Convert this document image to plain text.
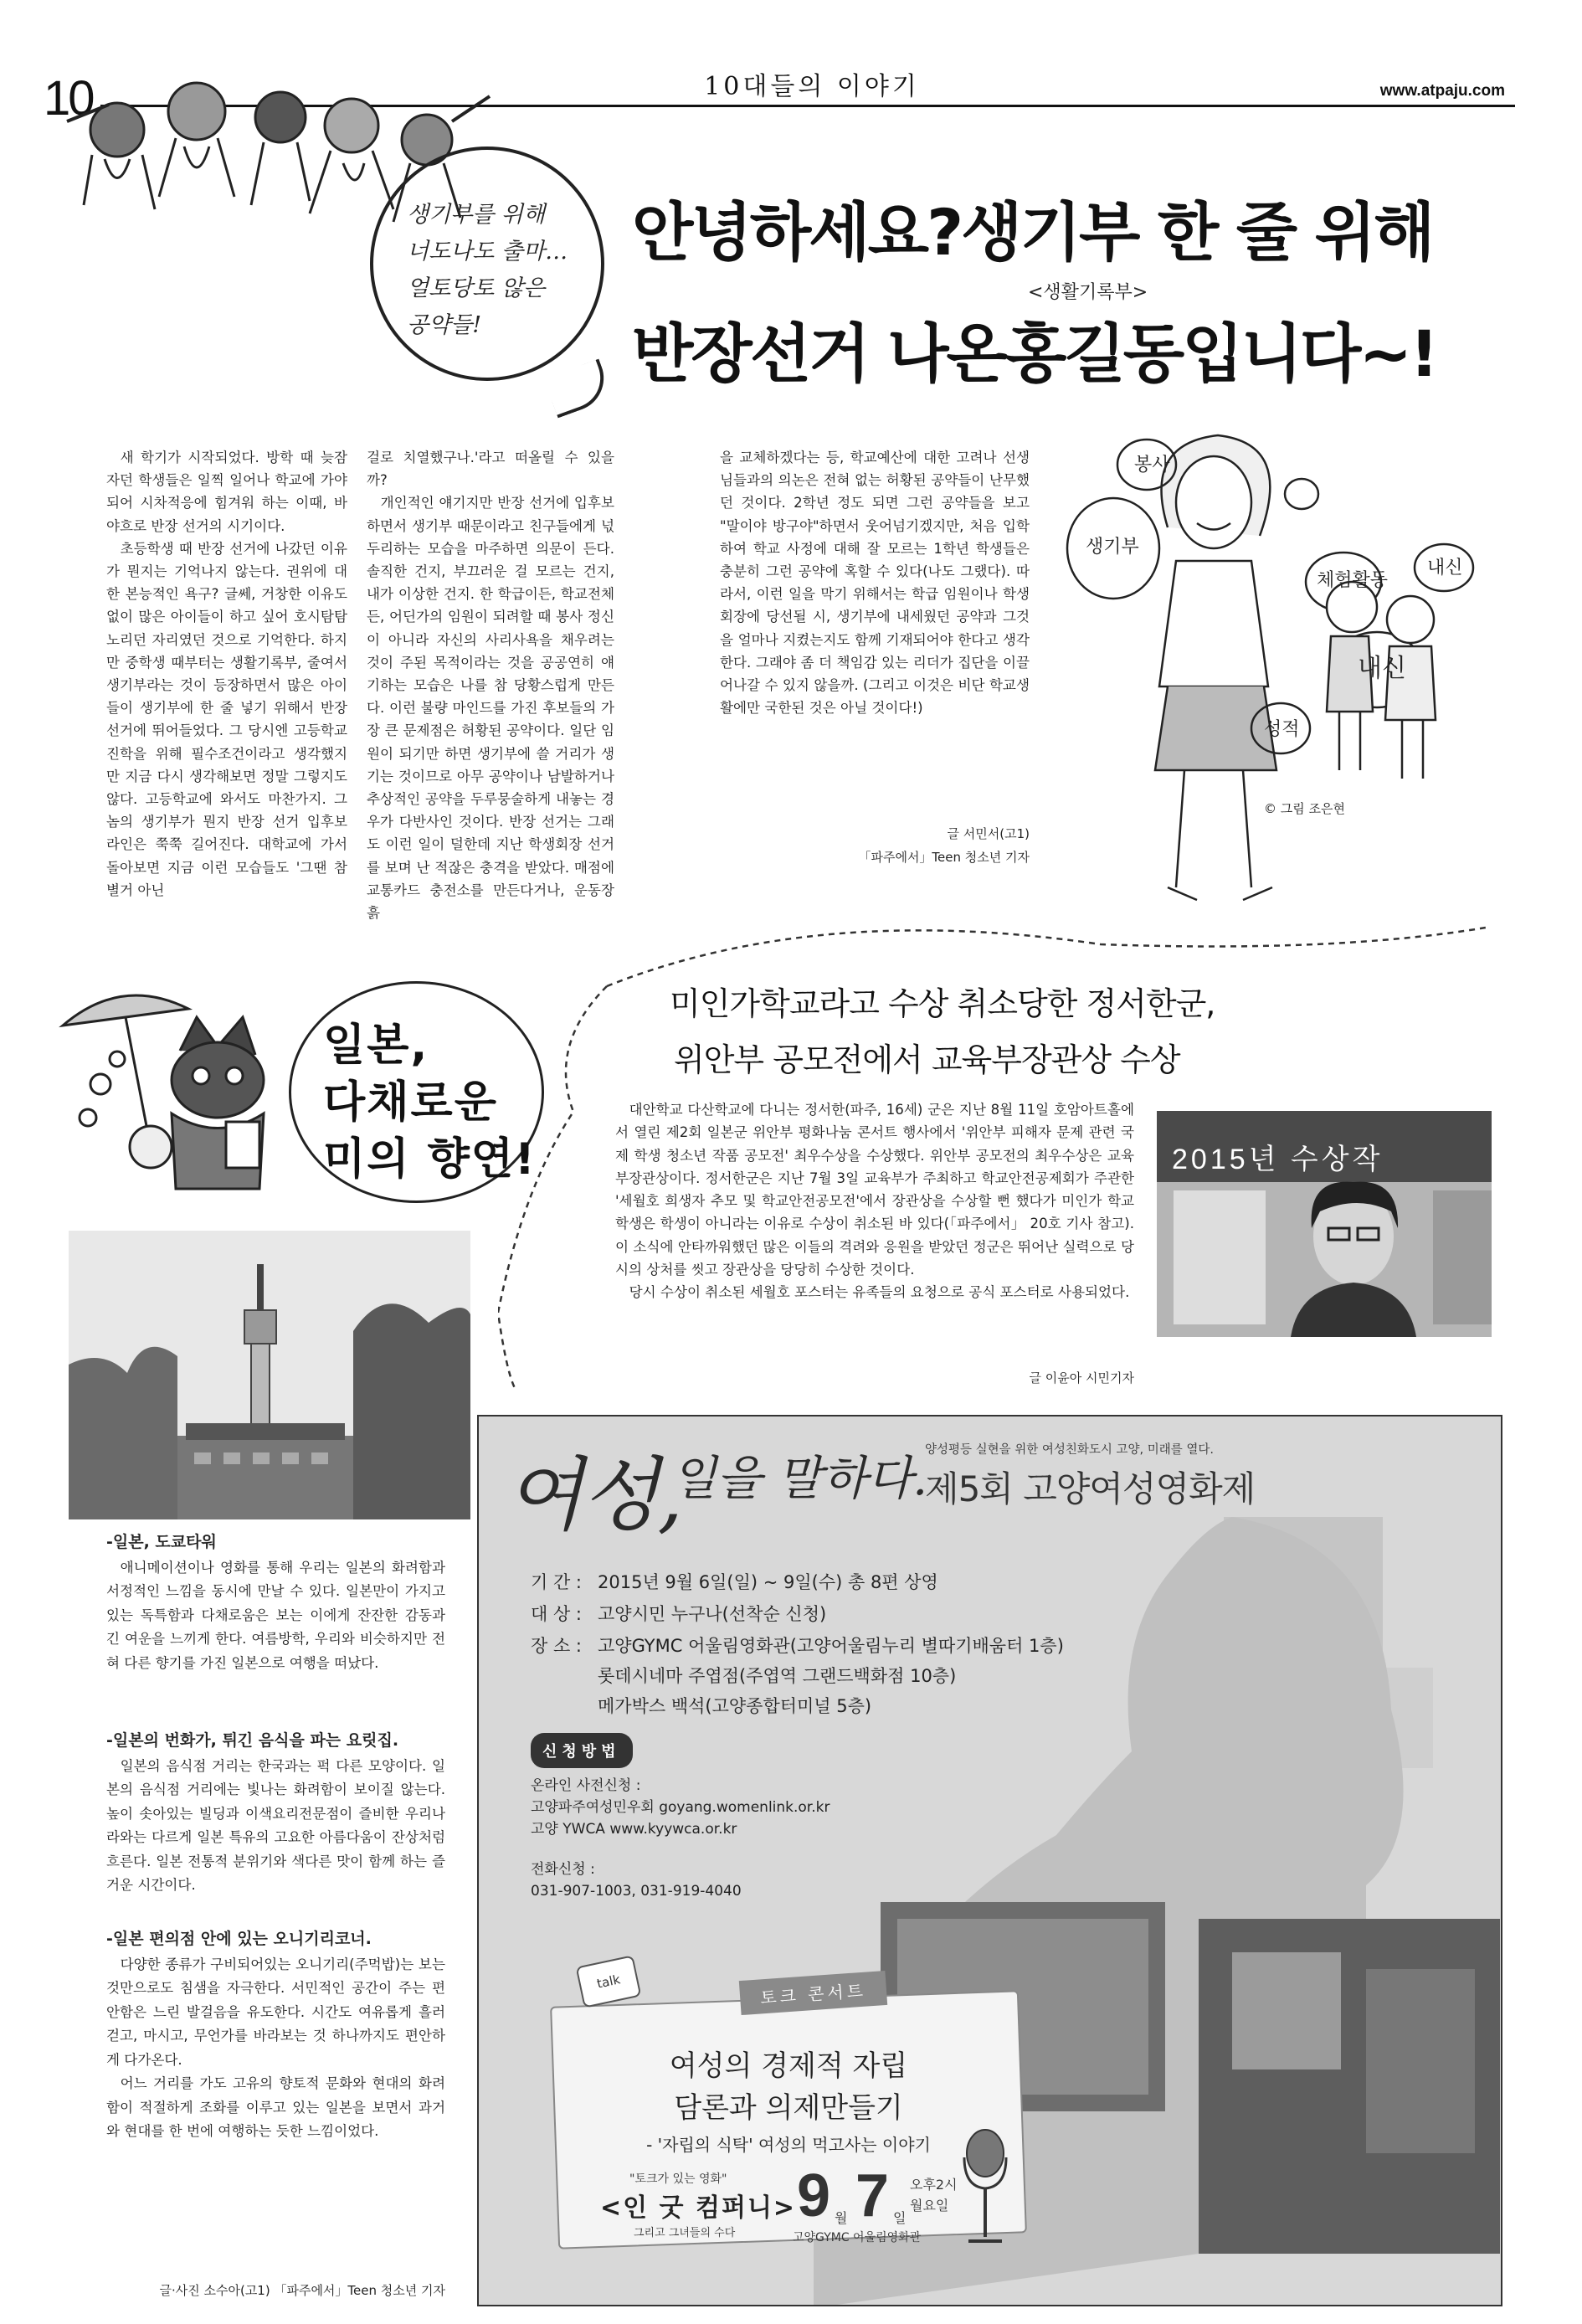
10	10대들의 이야기	www.atpaju.com
생기부를 위해
너도나도 출마…
얼토당토 않은
공약들!
안녕하세요?생기부 한 줄 위해
<생활기록부>
반장선거 나온홍길동입니다~!

새 학기가 시작되었다. 방학 때 늦잠 자던 학생들은 일찍 일어나 학교에 가야되어 시차적응에 힘겨워 하는 이때, 바야흐로 반장 선거의 시기이다.

초등학생 때 반장 선거에 나갔던 이유가 뭔지는 기억나지 않는다. 권위에 대한 본능적인 욕구? 글쎄, 거창한 이유도 없이 많은 아이들이 하고 싶어 호시탐탐 노리던 자리였던 것으로 기억한다. 하지만 중학생 때부터는 생활기록부, 줄여서 생기부라는 것이 등장하면서 많은 아이들이 생기부에 한 줄 넣기 위해서 반장 선거에 뛰어들었다. 그 당시엔 고등학교 진학을 위해 필수조건이라고 생각했지만 지금 다시 생각해보면 정말 그렇지도 않다. 고등학교에 와서도 마찬가지. 그놈의 생기부가 뭔지 반장 선거 입후보 라인은 쭉쭉 길어진다. 대학교에 가서 돌아보면 지금 이런 모습들도 '그땐 참 별거 아닌

걸로 치열했구나.'라고 떠올릴 수 있을까?

개인적인 얘기지만 반장 선거에 입후보하면서 생기부 때문이라고 친구들에게 넋두리하는 모습을 마주하면 의문이 든다. 솔직한 건지, 부끄러운 걸 모르는 건지, 내가 이상한 건지. 한 학급이든, 학교전체든, 어딘가의 임원이 되려할 때 봉사 정신이 아니라 자신의 사리사욕을 채우려는 것이 주된 목적이라는 것을 공공연히 얘기하는 모습은 나를 참 당황스럽게 만든다. 이런 불량 마인드를 가진 후보들의 가장 큰 문제점은 허황된 공약이다. 일단 임원이 되기만 하면 생기부에 쓸 거리가 생기는 것이므로 아무 공약이나 남발하거나 추상적인 공약을 두루뭉술하게 내놓는 경우가 다반사인 것이다. 반장 선거는 그래도 이런 일이 덜한데 지난 학생회장 선거를 보며 난 적잖은 충격을 받았다. 매점에 교통카드 충전소를 만든다거나, 운동장 흙

을 교체하겠다는 등, 학교예산에 대한 고려나 선생님들과의 의논은 전혀 없는 허황된 공약들이 난무했던 것이다. 2학년 정도 되면 그런 공약들을 보고 "말이야 방구야"하면서 웃어넘기겠지만, 처음 입학하여 학교 사정에 대해 잘 모르는 1학년 학생들은 충분히 그런 공약에 혹할 수 있다(나도 그랬다). 따라서, 이런 일을 막기 위해서는 학급 임원이나 학생회장에 당선될 시, 생기부에 내세웠던 공약과 그것을 얼마나 지켰는지도 함께 기재되어야 한다고 생각한다. 그래야 좀 더 책임감 있는 리더가 집단을 이끌어나갈 수 있지 않을까. (그리고 이것은 비단 학교생활에만 국한된 것은 아닐 것이다!)

글 서민서(고1)
「파주에서」Teen 청소년 기자
봉사
생기부
체험활동
내신
성적
내신
© 그림 조은현
일본,
다채로운
미의 향연!
-일본, 도쿄타워

애니메이션이나 영화를 통해 우리는 일본의 화려함과 서정적인 느낌을 동시에 만날 수 있다. 일본만이 가지고 있는 독특함과 다채로움은 보는 이에게 잔잔한 감동과 긴 여운을 느끼게 한다. 여름방학, 우리와 비슷하지만 전혀 다른 향기를 가진 일본으로 여행을 떠났다.

-일본의 번화가, 튀긴 음식을 파는 요릿집.

일본의 음식점 거리는 한국과는 퍽 다른 모양이다. 일본의 음식점 거리에는 빛나는 화려함이 보이질 않는다. 높이 솟아있는 빌딩과 이색요리전문점이 즐비한 우리나라와는 다르게 일본 특유의 고요한 아름다움이 잔상처럼 흐른다. 일본 전통적 분위기와 색다른 맛이 함께 하는 즐거운 시간이다.

-일본 편의점 안에 있는 오니기리코너.

다양한 종류가 구비되어있는 오니기리(주먹밥)는 보는 것만으로도 침샘을 자극한다. 서민적인 공간이 주는 편안함은 느린 발걸음을 유도한다. 시간도 여유롭게 흘러 걷고, 마시고, 무언가를 바라보는 것 하나까지도 편안하게 다가온다.

어느 거리를 가도 고유의 향토적 문화와 현대의 화려함이 적절하게 조화를 이루고 있는 일본을 보면서 과거와 현대를 한 번에 여행하는 듯한 느낌이었다.

글·사진 소수아(고1) 「파주에서」Teen 청소년 기자
미인가학교라고 수상 취소당한 정서한군,
위안부 공모전에서 교육부장관상 수상

대안학교 다산학교에 다니는 정서한(파주, 16세) 군은 지난 8월 11일 호암아트홀에서 열린 제2회 일본군 위안부 평화나눔 콘서트 행사에서 '위안부 피해자 문제 관련 국제 학생 청소년 작품 공모전' 최우수상을 수상했다. 위안부 공모전의 최우수상은 교육부장관상이다. 정서한군은 지난 7월 3일 교육부가 주최하고 학교안전공제회가 주관한 '세월호 희생자 추모 및 학교안전공모전'에서 장관상을 수상할 뻔 했다가 미인가 학교 학생은 학생이 아니라는 이유로 수상이 취소된 바 있다(「파주에서」 20호 기사 참고). 이 소식에 안타까워했던 많은 이들의 격려와 응원을 받았던 정군은 뛰어난 실력으로 당시의 상처를 씻고 장관상을 당당히 수상한 것이다.

당시 수상이 취소된 세월호 포스터는 유족들의 요청으로 공식 포스터로 사용되었다.

글 이윤아 시민기자
2015년 수상작
여성,
일을 말하다.
양성평등 실현을 위한 여성친화도시 고양, 미래를 열다.
제5회 고양여성영화제
기 간 : 2015년 9월 6일(일) ~ 9일(수) 총 8편 상영
대 상 : 고양시민 누구나(선착순 신청)
장 소 : 고양GYMC 어울림영화관(고양어울림누리 별따기배움터 1층)
롯데시네마 주엽점(주엽역 그랜드백화점 10층)
메가박스 백석(고양종합터미널 5층)
신청방법
온라인 사전신청 :
고양파주여성민우회 goyang.womenlink.or.kr
고양 YWCA www.kyywca.or.kr
전화신청 :
031-907-1003, 031-919-4040
토크 콘서트
talk
여성의 경제적 자립
담론과 의제만들기
- '자립의 식탁' 여성의 먹고사는 이야기
"토크가 있는 영화"
<인 굿 컴퍼니>
그리고 그녀들의 수다
9 월 7 일
오후2시
월요일
고양GYMC 어울림영화관
